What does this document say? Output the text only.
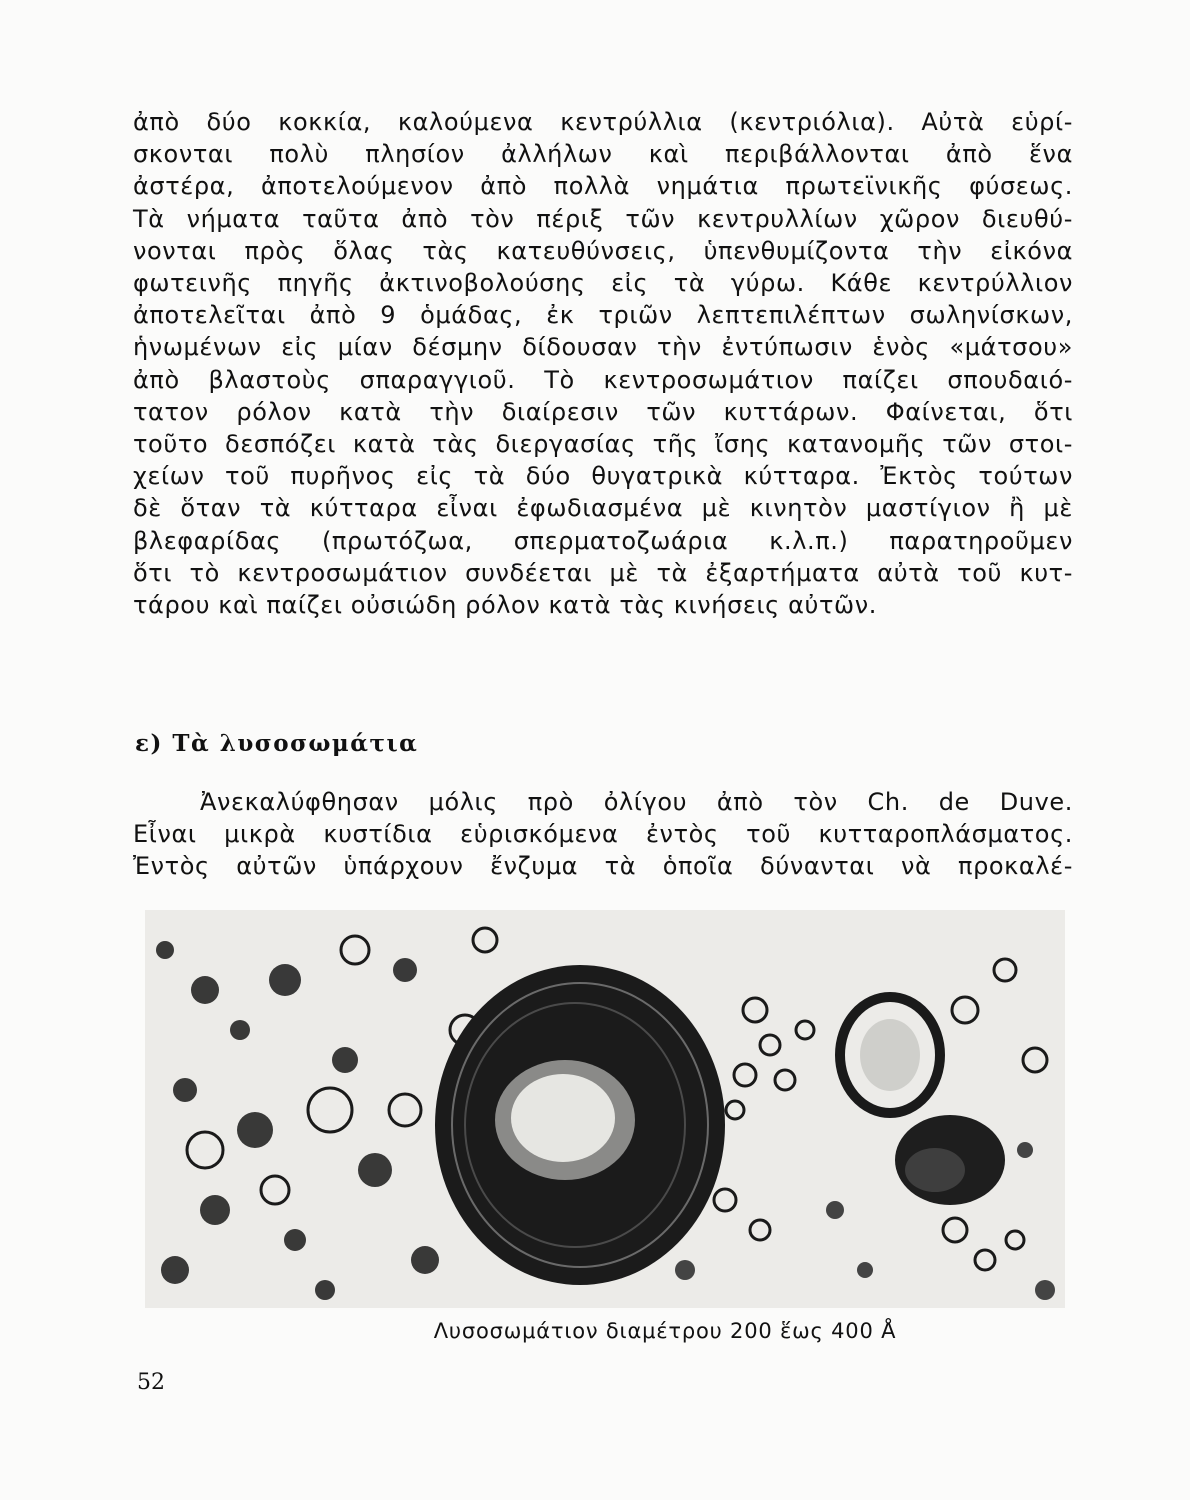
ἀπὸ δύο κοκκία, καλούμενα κεντρύλλια (κεντριόλια). Αὐτὰ εὑρί-
σκονται πολὺ πλησίον ἀλλήλων καὶ περιβάλλονται ἀπὸ ἕνα
ἀστέρα, ἀποτελούμενον ἀπὸ πολλὰ νημάτια πρωτεϊνικῆς φύσεως.
Τὰ νήματα ταῦτα ἀπὸ τὸν πέριξ τῶν κεντρυλλίων χῶρον διευθύ-
νονται πρὸς ὅλας τὰς κατευθύνσεις, ὑπενθυμίζοντα τὴν εἰκόνα
φωτεινῆς πηγῆς ἀκτινοβολούσης εἰς τὰ γύρω. Κάθε κεντρύλλιον
ἀποτελεῖται ἀπὸ 9 ὁμάδας, ἐκ τριῶν λεπτεπιλέπτων σωληνίσκων,
ἡνωμένων εἰς μίαν δέσμην δίδουσαν τὴν ἐντύπωσιν ἑνὸς «μάτσου»
ἀπὸ βλαστοὺς σπαραγγιοῦ. Τὸ κεντροσωμάτιον παίζει σπουδαιό-
τατον ρόλον κατὰ τὴν διαίρεσιν τῶν κυττάρων. Φαίνεται, ὅτι
τοῦτο δεσπόζει κατὰ τὰς διεργασίας τῆς ἴσης κατανομῆς τῶν στοι-
χείων τοῦ πυρῆνος εἰς τὰ δύο θυγατρικὰ κύτταρα. Ἐκτὸς τούτων
δὲ ὅταν τὰ κύτταρα εἶναι ἐφωδιασμένα μὲ κινητὸν μαστίγιον ἢ μὲ
βλεφαρίδας (πρωτόζωα, σπερματοζωάρια κ.λ.π.) παρατηροῦμεν
ὅτι τὸ κεντροσωμάτιον συνδέεται μὲ τὰ ἐξαρτήματα αὐτὰ τοῦ κυτ-
τάρου καὶ παίζει οὐσιώδη ρόλον κατὰ τὰς κινήσεις αὐτῶν.
ε) Τὰ λυσοσωμάτια
Ἀνεκαλύφθησαν μόλις πρὸ ὀλίγου ἀπὸ τὸν Ch. de Duve.
Εἶναι μικρὰ κυστίδια εὑρισκόμενα ἐντὸς τοῦ κυτταροπλάσματος.
Ἐντὸς αὐτῶν ὑπάρχουν ἔνζυμα τὰ ὁποῖα δύνανται νὰ προκαλέ-
Λυσοσωμάτιον διαμέτρου 200 ἕως 400 Å
52
